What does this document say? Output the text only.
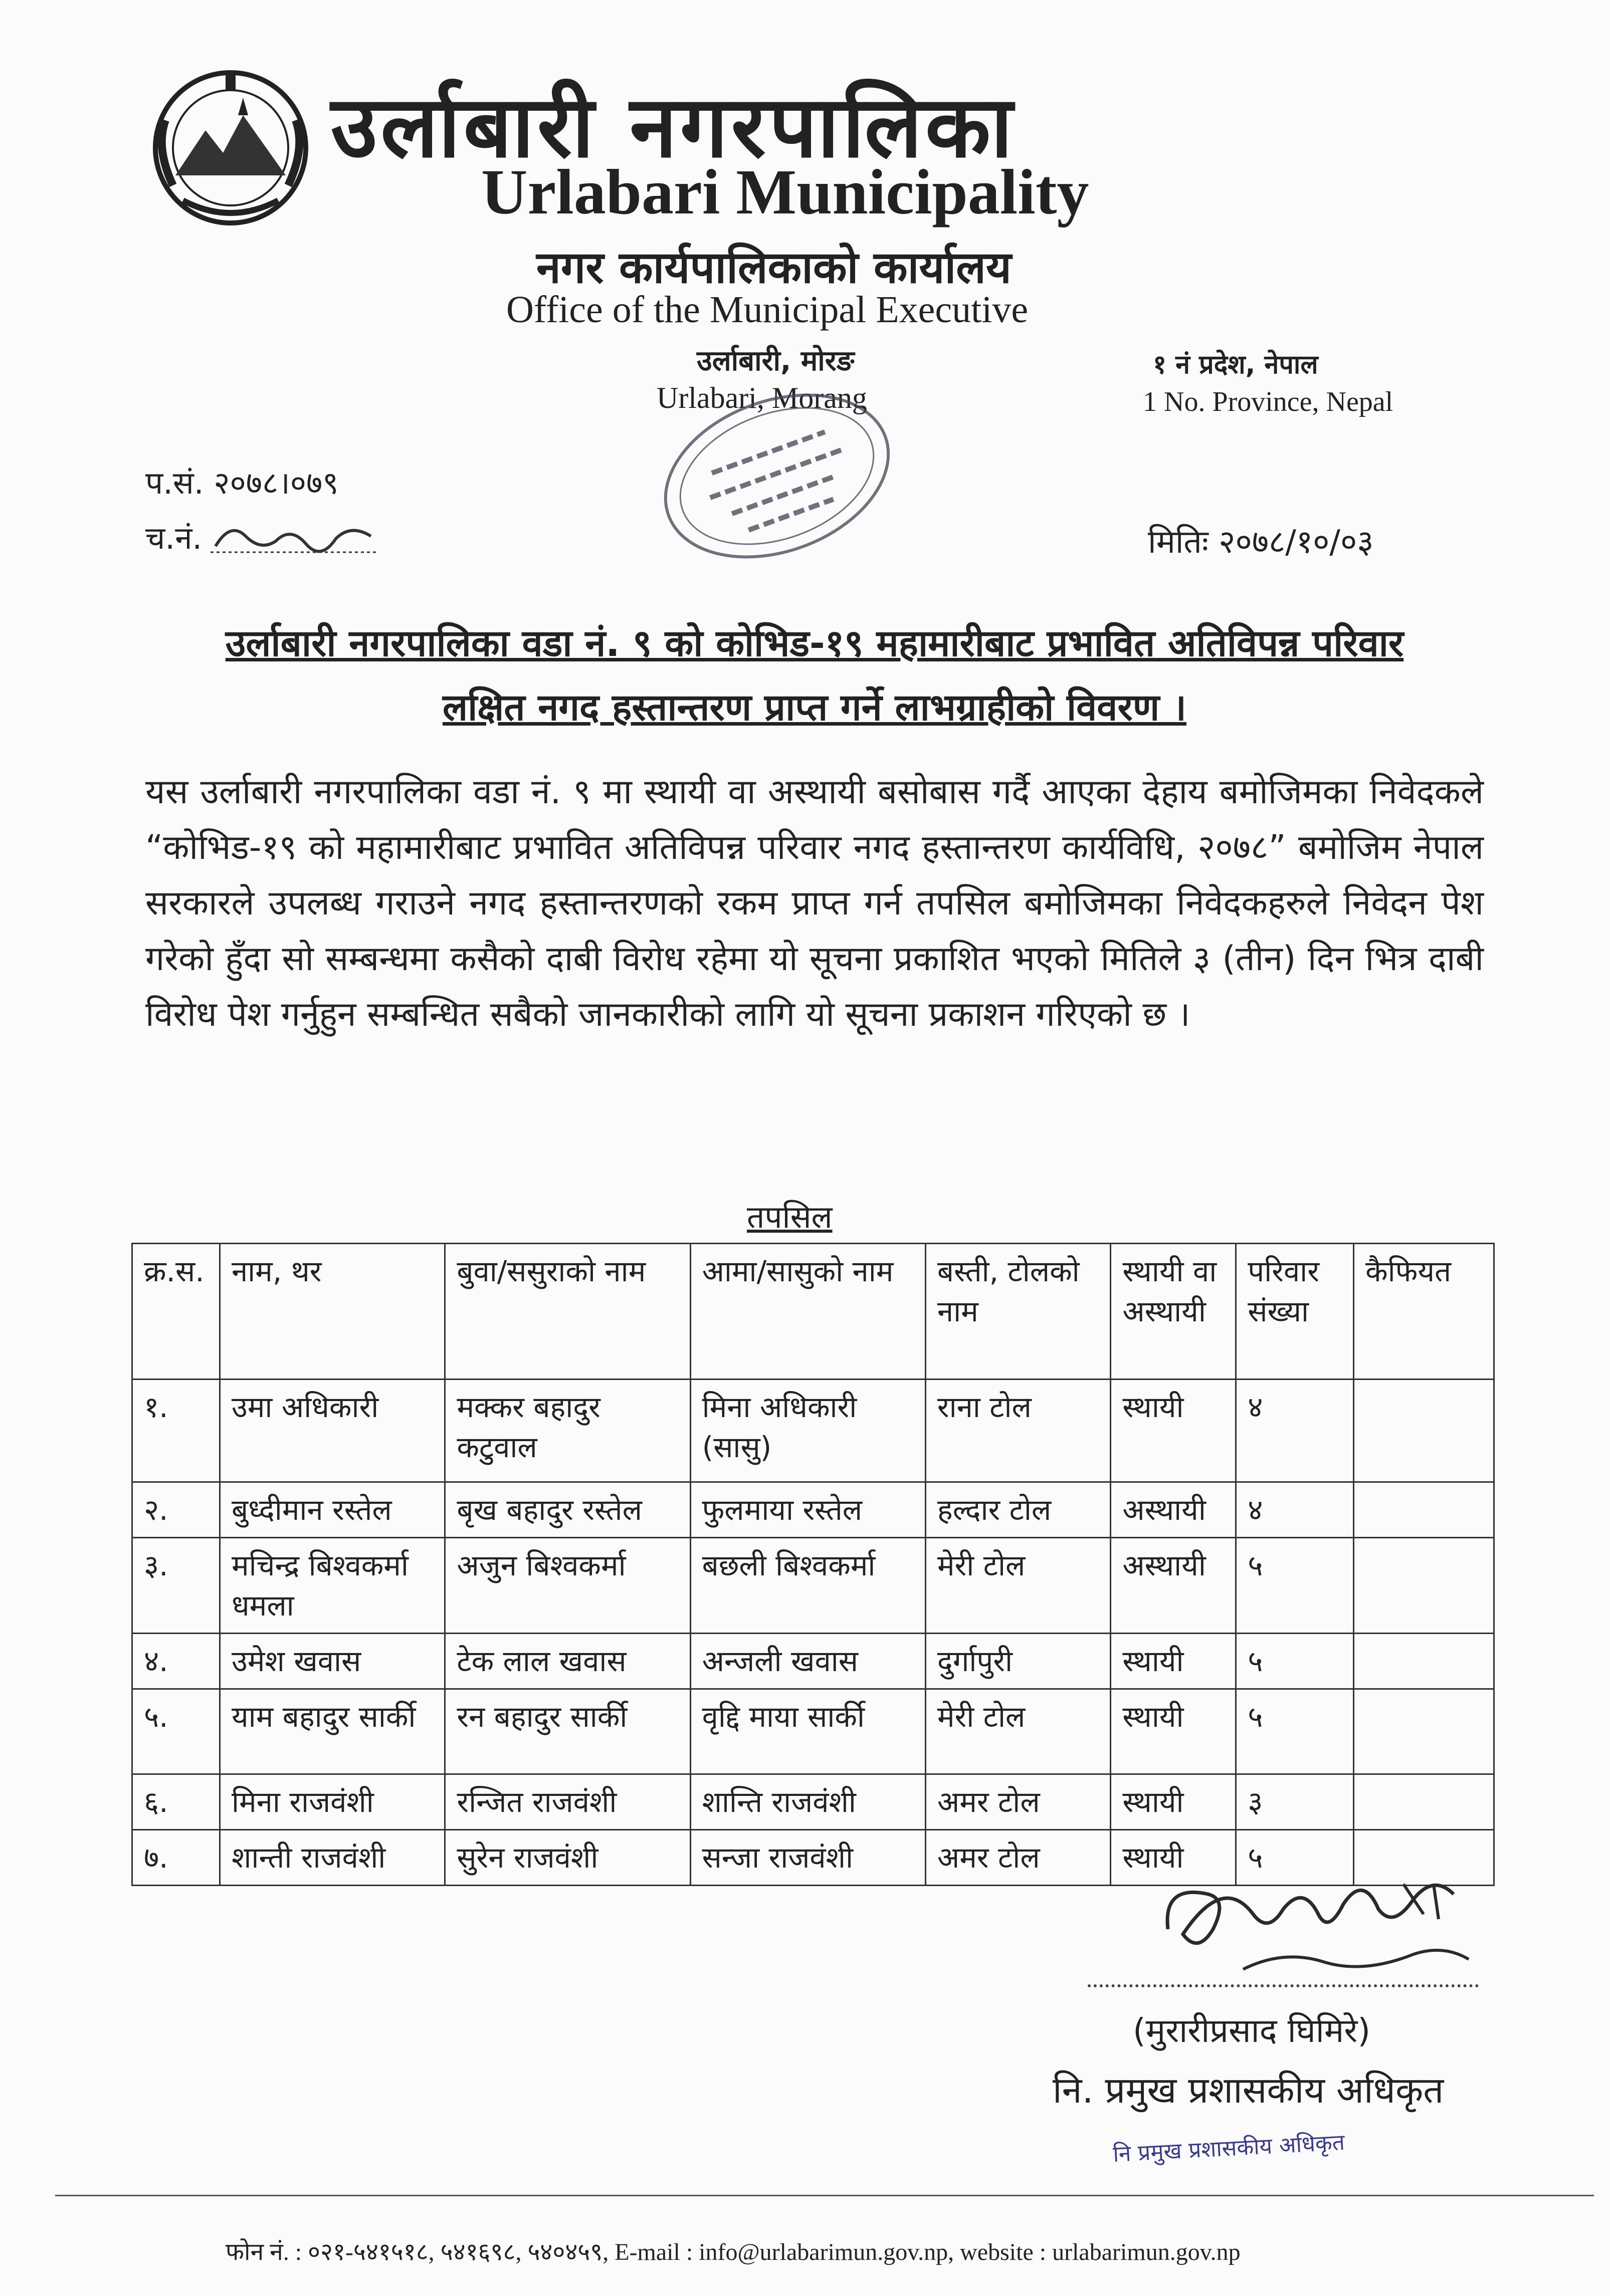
उर्लाबारी नगरपालिका
Urlabari Municipality
नगर कार्यपालिकाको कार्यालय
Office of the Municipal Executive
उर्लाबारी, मोरङ
Urlabari, Morang
१ नं प्रदेश, नेपाल
1 No. Province, Nepal
प.सं. २०७८।०७९
च.नं.	मितिः २०७८/१०/०३
उर्लाबारी नगरपालिका वडा नं. ९ को कोभिड-१९ महामारीबाट प्रभावित अतिविपन्न परिवार
लक्षित नगद हस्तान्तरण प्राप्त गर्ने लाभग्राहीको विवरण ।
यस उर्लाबारी नगरपालिका वडा नं. ९ मा स्थायी वा अस्थायी बसोबास गर्दै आएका देहाय बमोजिमका निवेदकले “कोभिड-१९ को महामारीबाट प्रभावित अतिविपन्न परिवार नगद हस्तान्तरण कार्यविधि, २०७८” बमोजिम नेपाल सरकारले उपलब्ध गराउने नगद हस्तान्तरणको रकम प्राप्त गर्न तपसिल बमोजिमका निवेदकहरुले निवेदन पेश गरेको हुँदा सो सम्बन्धमा कसैको दाबी विरोध रहेमा यो सूचना प्रकाशित भएको मितिले ३ (तीन) दिन भित्र दाबी विरोध पेश गर्नुहुन सम्बन्धित सबैको जानकारीको लागि यो सूचना प्रकाशन गरिएको छ ।
तपसिल
क्र.स.	नाम, थर	बुवा/ससुराको नाम	आमा/सासुको नाम	बस्ती, टोलको नाम	स्थायी वा अस्थायी	परिवार संख्या	कैफियत
१.	उमा अधिकारी	मक्कर बहादुर कटुवाल	मिना अधिकारी (सासु)	राना टोल	स्थायी	४	
२.	बुध्दीमान रस्तेल	बृख बहादुर रस्तेल	फुलमाया रस्तेल	हल्दार टोल	अस्थायी	४	
३.	मचिन्द्र बिश्वकर्मा धमला	अजुन बिश्वकर्मा	बछली बिश्वकर्मा	मेरी टोल	अस्थायी	५	
४.	उमेश खवास	टेक लाल खवास	अन्जली खवास	दुर्गापुरी	स्थायी	५	
५.	याम बहादुर सार्की	रन बहादुर सार्की	वृद्दि माया सार्की	मेरी टोल	स्थायी	५	
६.	मिना राजवंशी	रन्जित राजवंशी	शान्ति राजवंशी	अमर टोल	स्थायी	३	
७.	शान्ती राजवंशी	सुरेन राजवंशी	सन्जा राजवंशी	अमर टोल	स्थायी	५	
(मुरारीप्रसाद घिमिरे)
नि. प्रमुख प्रशासकीय अधिकृत
नि प्रमुख प्रशासकीय अधिकृत
फोन नं. : ०२१-५४१५१८, ५४१६९८, ५४०४५९, E-mail : info@urlabarimun.gov.np, website : urlabarimun.gov.np
